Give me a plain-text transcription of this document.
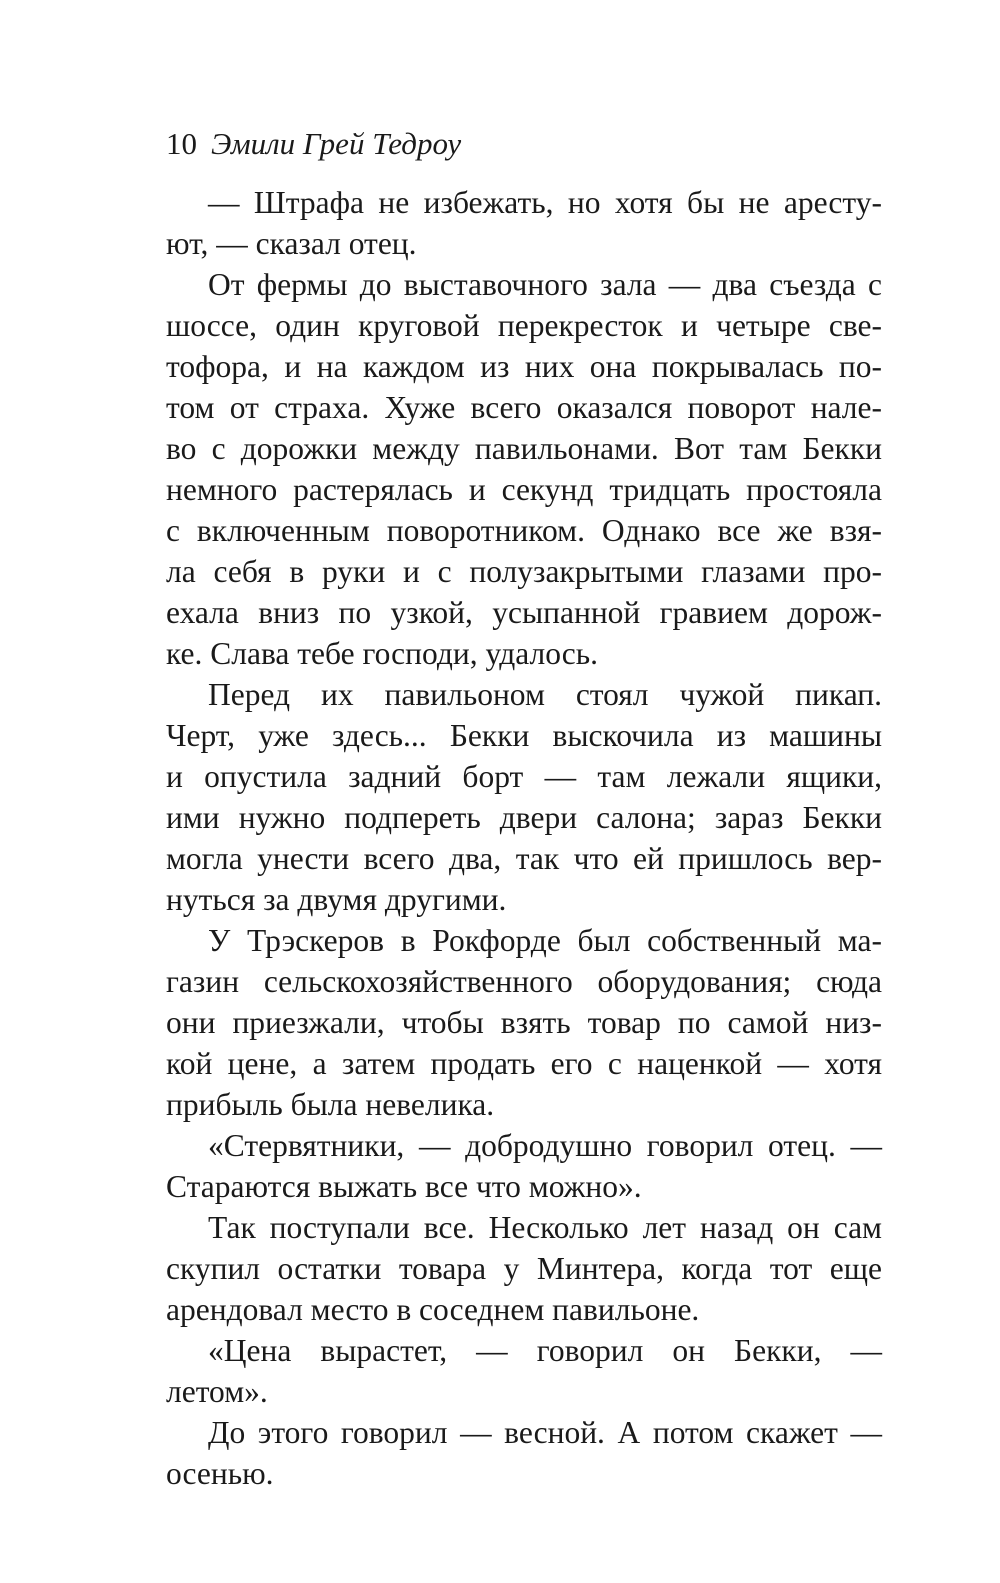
10 Эмили Грей Тедроу
— Штрафа не избежать, но хотя бы не аресту-
ют, — сказал отец.
От фермы до выставочного зала — два съезда с
шоссе, один круговой перекресток и четыре све-
тофора, и на каждом из них она покрывалась по-
том от страха. Хуже всего оказался поворот нале-
во с дорожки между павильонами. Вот там Бекки
немного растерялась и секунд тридцать простояла
с включенным поворотником. Однако все же взя-
ла себя в руки и с полузакрытыми глазами про-
ехала вниз по узкой, усыпанной гравием дорож-
ке. Слава тебе господи, удалось.
Перед их павильоном стоял чужой пикап.
Черт, уже здесь... Бекки выскочила из машины
и опустила задний борт — там лежали ящики,
ими нужно подпереть двери салона; зараз Бекки
могла унести всего два, так что ей пришлось вер-
нуться за двумя другими.
У Трэскеров в Рокфорде был собственный ма-
газин сельскохозяйственного оборудования; сюда
они приезжали, чтобы взять товар по самой низ-
кой цене, а затем продать его с наценкой — хотя
прибыль была невелика.
«Стервятники, — добродушно говорил отец. —
Стараются выжать все что можно».
Так поступали все. Несколько лет назад он сам
скупил остатки товара у Минтера, когда тот еще
арендовал место в соседнем павильоне.
«Цена вырастет, — говорил он Бекки, —
летом».
До этого говорил — весной. А потом скажет —
осенью.
